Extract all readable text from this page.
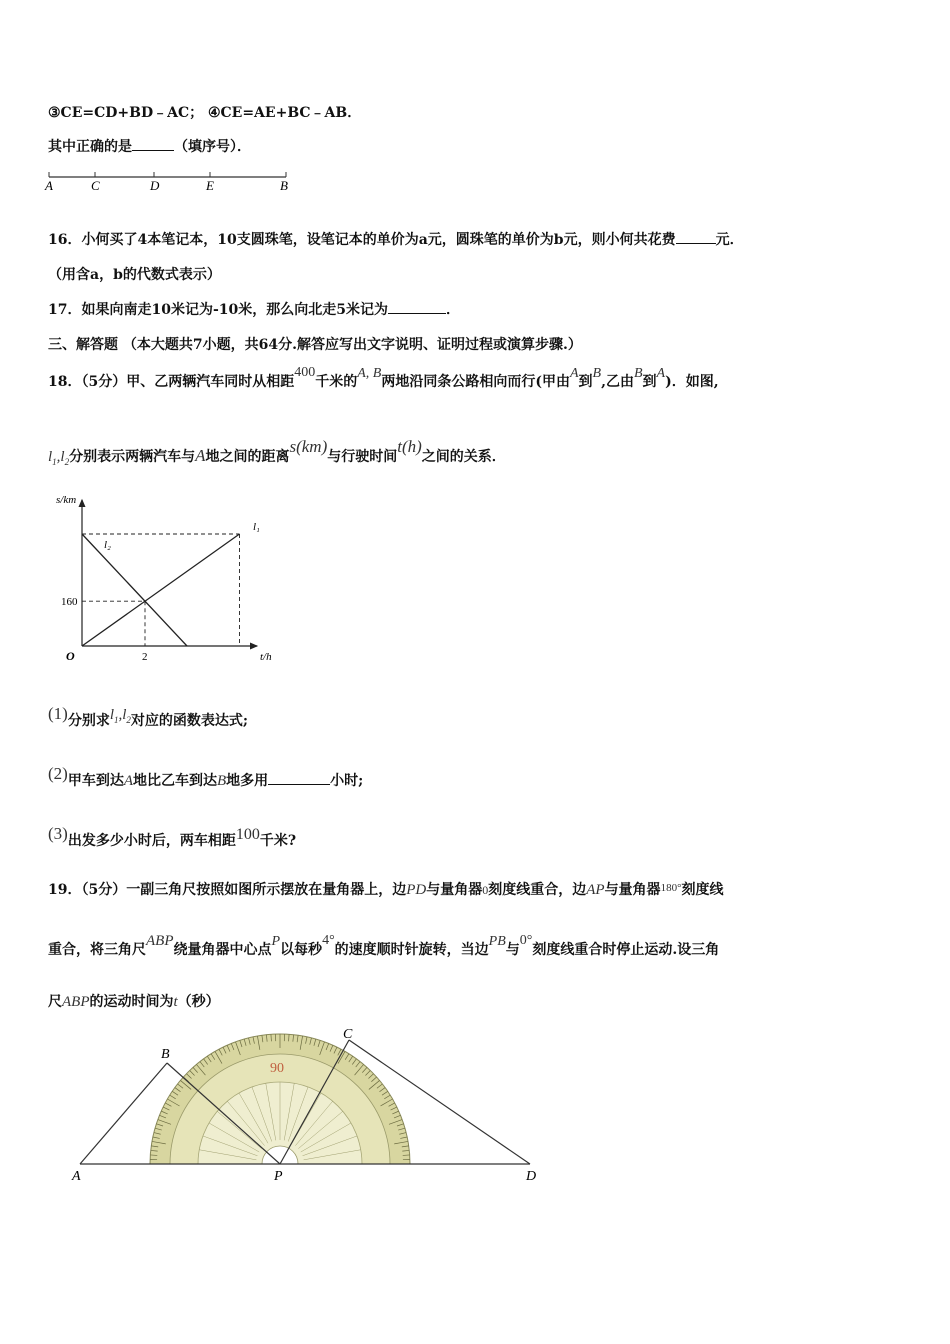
③CE=CD+BD﹣AC； ④CE=AE+BC﹣AB．
其中正确的是	（填序号）．
A	C	D	E	B
16．小何买了4本笔记本，10支圆珠笔，设笔记本的单价为a元，圆珠笔的单价为b元，则小何共花费	元．
（用含a，b的代数式表示）
17．如果向南走10米记为-10米，那么向北走5米记为	．
三、解答题 （本大题共7小题，共64分.解答应写出文字说明、证明过程或演算步骤.）
18．（5分）甲、乙两辆汽车同时从相距400千米的A, B两地沿同条公路相向而行(甲由A到B,乙由B到A)．如图,
$l_1,l_2$分别表示两辆汽车与A地之间的距离s(km)与行驶时间t(h)之间的关系．
s/km
t/h
O
160
2
l₁
l₂
(1)分别求$l_1,l_2$对应的函数表达式;
(2)甲车到达A地比乙车到达B地多用	小时;
(3)出发多少小时后，两车相距100千米?
19．（5分）一副三角尺按照如图所示摆放在量角器上，边PD与量角器0刻度线重合，边AP与量角器$^{180^\circ}$刻度线
重合，将三角尺ABP绕量角器中心点P以每秒4°的速度顺时针旋转，当边PB与0°刻度线重合时停止运动.设三角
尺ABP的运动时间为t（秒）
90
A
B
C
P	D
